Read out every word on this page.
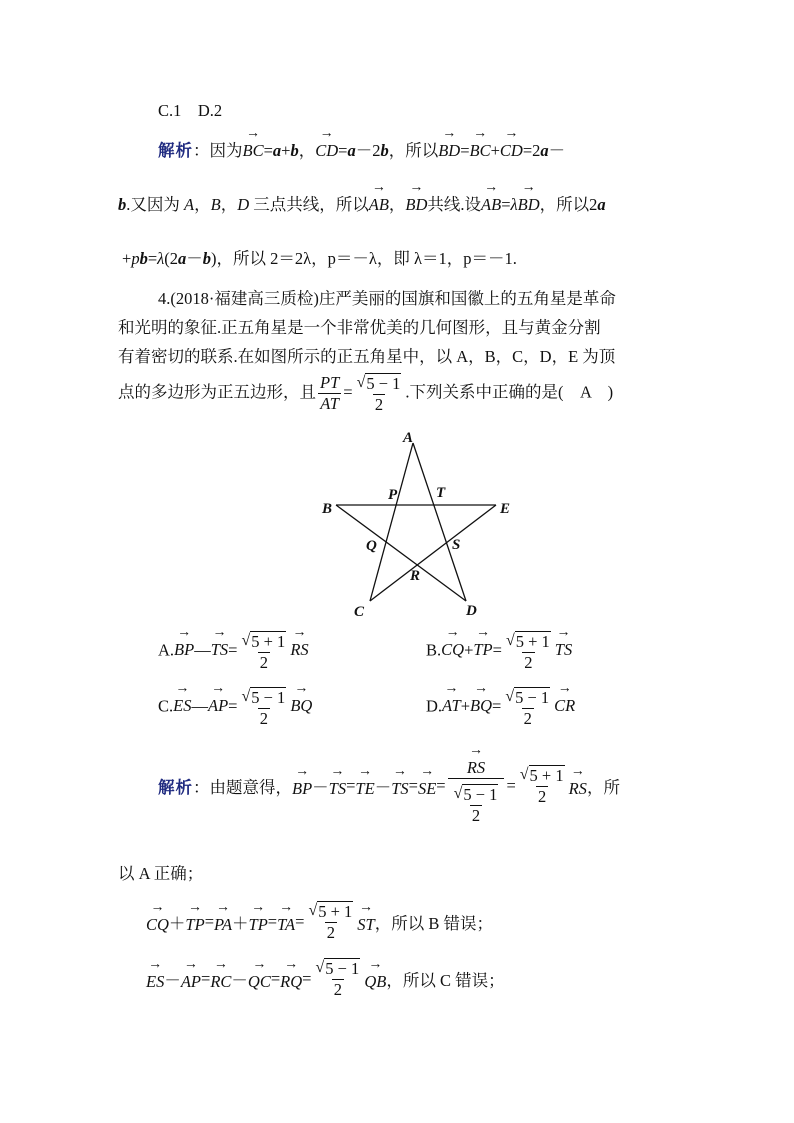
C.1　D.2
解析：因为→ BC=a+b，→ CD=a－2b，所以→ BD=→ BC+→ CD=2a－
b.又因为 A，B，D 三点共线，所以→ AB，→ BD共线.设→ AB=λ→ BD，所以2a
+pb=λ(2a－b)，所以 2＝2λ，p＝－λ，即 λ＝1，p＝－1.
4.(2018·福建高三质检)庄严美丽的国旗和国徽上的五角星是革命
和光明的象征.正五角星是一个非常优美的几何图形，且与黄金分割
有着密切的联系.在如图所示的正五角星中，以 A，B，C，D，E 为顶
点的多边形为正五边形，且 $\frac{PT}{AT} = \frac{√ 5 - 1}{2}$ .下列关系中正确的是(　 A　 )
A
B	E
P	T
Q	S
R
C	D
A.→ BP—→ $TS= \frac{√ 5 + 1}{2}$ → RS	$B.\to CQ+\to TP= \frac{√ 5 + 1}{2}$ → TS
C.→ ES—→ $AP= \frac{√ 5 - 1}{2}$ → BQ	$D.\to AT+\to BQ= \frac{√ 5 - 1}{2}$ → CR
解析 ：由题意得， → BP － → TS = → TE － → TS = → SE = → $\frac{RS}{\frac{√ 5 - 1}{2}} = \frac{√ 5 + 1}{2}$ → RS ，所
以 A 正确；
→ CQ ＋ → TP = → PA ＋ → TP = → TA = $\frac{√ 5 + 1}{2}$ → ST ，所以 B 错误；
→ ES － → AP = → RC － → QC = → RQ = $\frac{√ 5 - 1}{2}$ → QB ，所以 C 错误；
